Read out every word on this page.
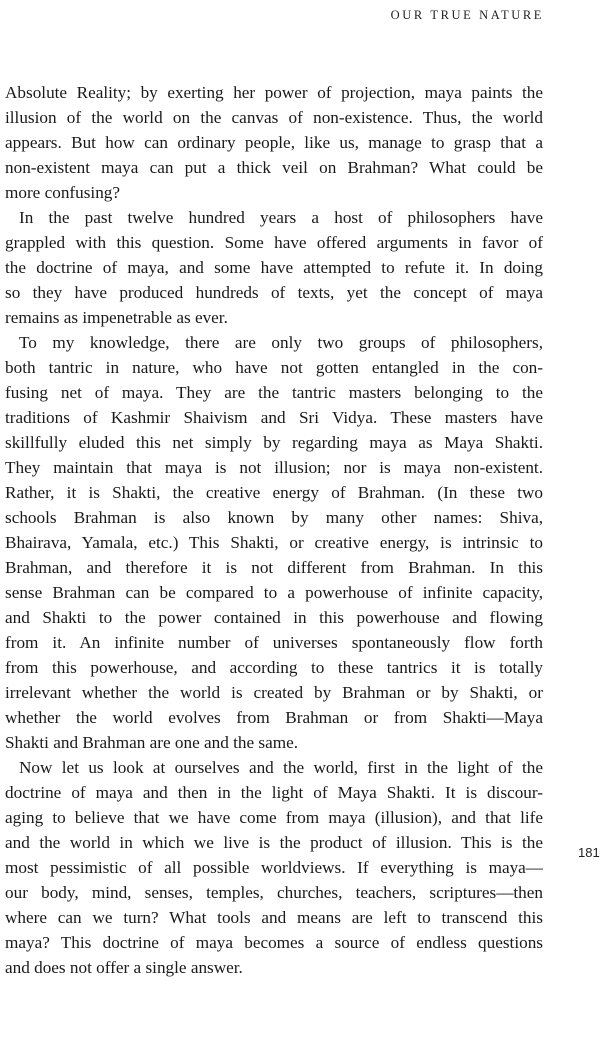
OUR TRUE NATURE
Absolute Reality; by exerting her power of projection, maya paints the
illusion of the world on the canvas of non-existence. Thus, the world
appears. But how can ordinary people, like us, manage to grasp that a
non-existent maya can put a thick veil on Brahman? What could be
more confusing?
In the past twelve hundred years a host of philosophers have
grappled with this question. Some have offered arguments in favor of
the doctrine of maya, and some have attempted to refute it. In doing
so they have produced hundreds of texts, yet the concept of maya
remains as impenetrable as ever.
To my knowledge, there are only two groups of philosophers,
both tantric in nature, who have not gotten entangled in the con-
fusing net of maya. They are the tantric masters belonging to the
traditions of Kashmir Shaivism and Sri Vidya. These masters have
skillfully eluded this net simply by regarding maya as Maya Shakti.
They maintain that maya is not illusion; nor is maya non-existent.
Rather, it is Shakti, the creative energy of Brahman. (In these two
schools Brahman is also known by many other names: Shiva,
Bhairava, Yamala, etc.) This Shakti, or creative energy, is intrinsic to
Brahman, and therefore it is not different from Brahman. In this
sense Brahman can be compared to a powerhouse of infinite capacity,
and Shakti to the power contained in this powerhouse and flowing
from it. An infinite number of universes spontaneously flow forth
from this powerhouse, and according to these tantrics it is totally
irrelevant whether the world is created by Brahman or by Shakti, or
whether the world evolves from Brahman or from Shakti—Maya
Shakti and Brahman are one and the same.
Now let us look at ourselves and the world, first in the light of the
doctrine of maya and then in the light of Maya Shakti. It is discour-
aging to believe that we have come from maya (illusion), and that life
and the world in which we live is the product of illusion. This is the
most pessimistic of all possible worldviews. If everything is maya—
our body, mind, senses, temples, churches, teachers, scriptures—then
where can we turn? What tools and means are left to transcend this
maya? This doctrine of maya becomes a source of endless questions
and does not offer a single answer.
181
